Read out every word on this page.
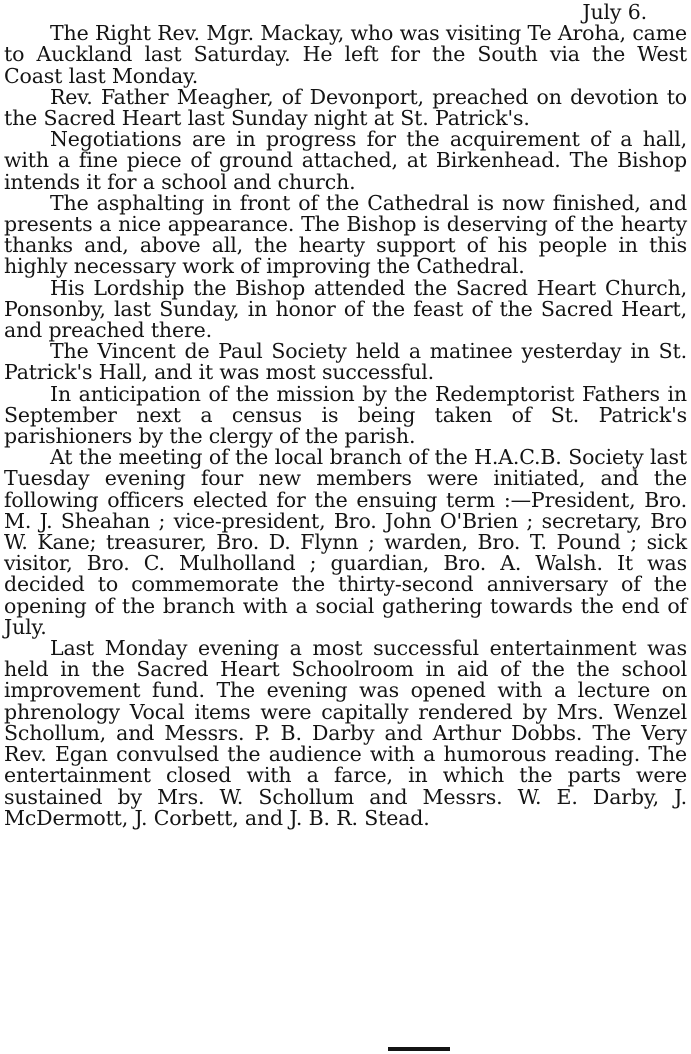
July 6.

The Right Rev. Mgr. Mackay, who was visiting Te Aroha, came to Auckland last Saturday. He left for the South via the West Coast last Monday.

Rev. Father Meagher, of Devonport, preached on devotion to the Sacred Heart last Sunday night at St. Patrick's.

Negotiations are in progress for the acquirement of a hall, with a fine piece of ground attached, at Birkenhead. The Bishop intends it for a school and church.

The asphalting in front of the Cathedral is now finished, and presents a nice appearance. The Bishop is deserving of the hearty thanks and, above all, the hearty support of his people in this highly necessary work of improving the Cathedral.

His Lordship the Bishop attended the Sacred Heart Church, Ponsonby, last Sunday, in honor of the feast of the Sacred Heart, and preached there.

The Vincent de Paul Society held a matinee yesterday in St. Patrick's Hall, and it was most successful.

In anticipation of the mission by the Redemptorist Fathers in September next a census is being taken of St. Patrick's parishioners by the clergy of the parish.

At the meeting of the local branch of the H.A.C.B. Society last Tuesday evening four new members were initiated, and the following officers elected for the ensuing term :—President, Bro. M. J. Sheahan ; vice-president, Bro. John O'Brien ; secretary, Bro W. Kane; treasurer, Bro. D. Flynn ; warden, Bro. T. Pound ; sick visitor, Bro. C. Mulholland ; guardian, Bro. A. Walsh. It was decided to commemorate the thirty-second anniversary of the opening of the branch with a social gathering towards the end of July.

Last Monday evening a most successful entertainment was held in the Sacred Heart Schoolroom in aid of the the school improvement fund. The evening was opened with a lecture on phrenology Vocal items were capitally rendered by Mrs. Wenzel Schollum, and Messrs. P. B. Darby and Arthur Dobbs. The Very Rev. Egan convulsed the audience with a humorous reading. The entertainment closed with a farce, in which the parts were sustained by Mrs. W. Schollum and Messrs. W. E. Darby, J. McDermott, J. Corbett, and J. B. R. Stead.
